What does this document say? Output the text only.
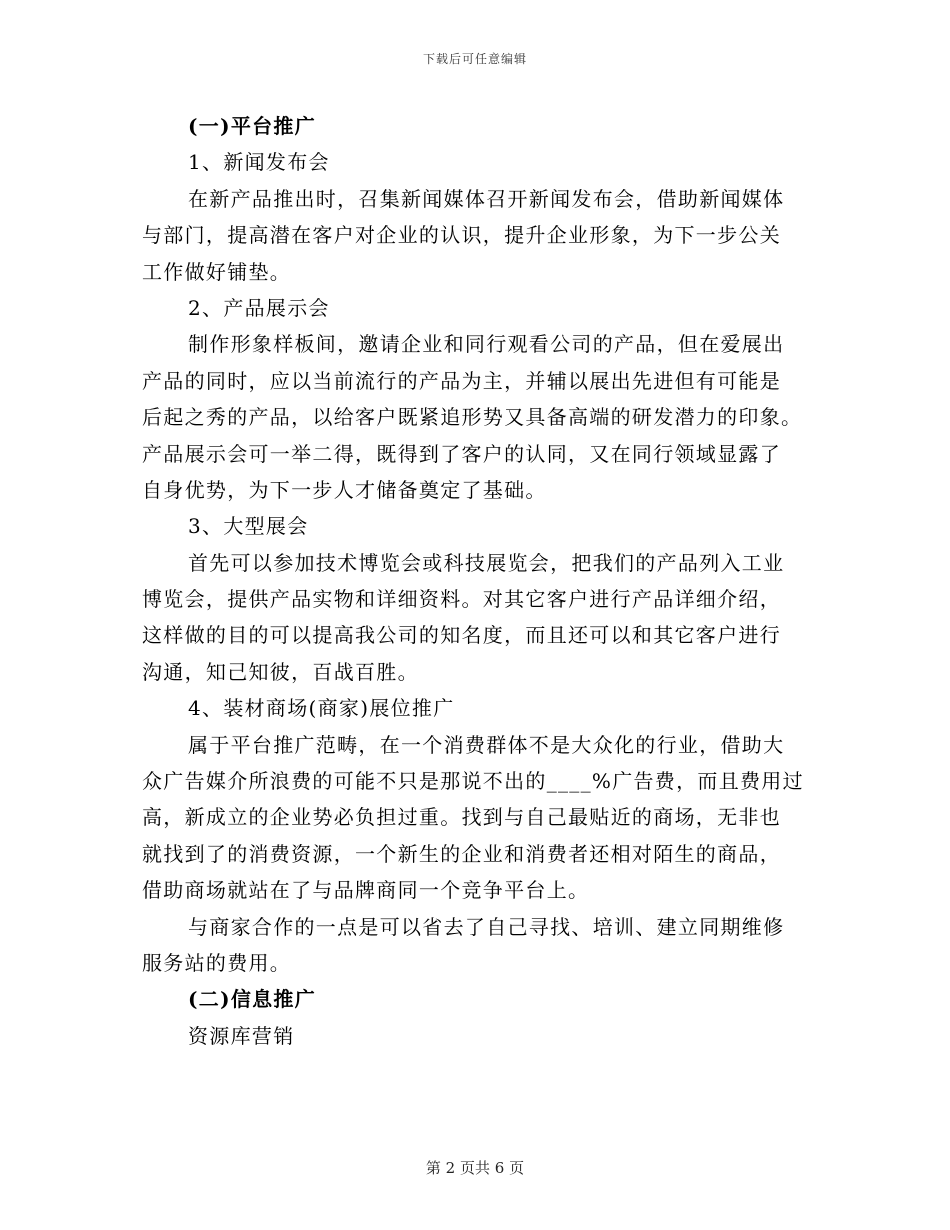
下载后可任意编辑
(一)平台推广
1、新闻发布会
在新产品推出时，召集新闻媒体召开新闻发布会，借助新闻媒体
与部门，提高潜在客户对企业的认识，提升企业形象，为下一步公关
工作做好铺垫。
2、产品展示会
制作形象样板间，邀请企业和同行观看公司的产品，但在爱展出
产品的同时，应以当前流行的产品为主，并辅以展出先进但有可能是
后起之秀的产品，以给客户既紧追形势又具备高端的研发潜力的印象。
产品展示会可一举二得，既得到了客户的认同，又在同行领域显露了
自身优势，为下一步人才储备奠定了基础。
3、大型展会
首先可以参加技术博览会或科技展览会，把我们的产品列入工业
博览会，提供产品实物和详细资料。对其它客户进行产品详细介绍，
这样做的目的可以提高我公司的知名度，而且还可以和其它客户进行
沟通，知己知彼，百战百胜。
4、装材商场(商家)展位推广
属于平台推广范畴，在一个消费群体不是大众化的行业，借助大
众广告媒介所浪费的可能不只是那说不出的____%广告费，而且费用过
高，新成立的企业势必负担过重。找到与自己最贴近的商场，无非也
就找到了的消费资源，一个新生的企业和消费者还相对陌生的商品，
借助商场就站在了与品牌商同一个竞争平台上。
与商家合作的一点是可以省去了自己寻找、培训、建立同期维修
服务站的费用。
(二)信息推广
资源库营销
第 2 页共 6 页
